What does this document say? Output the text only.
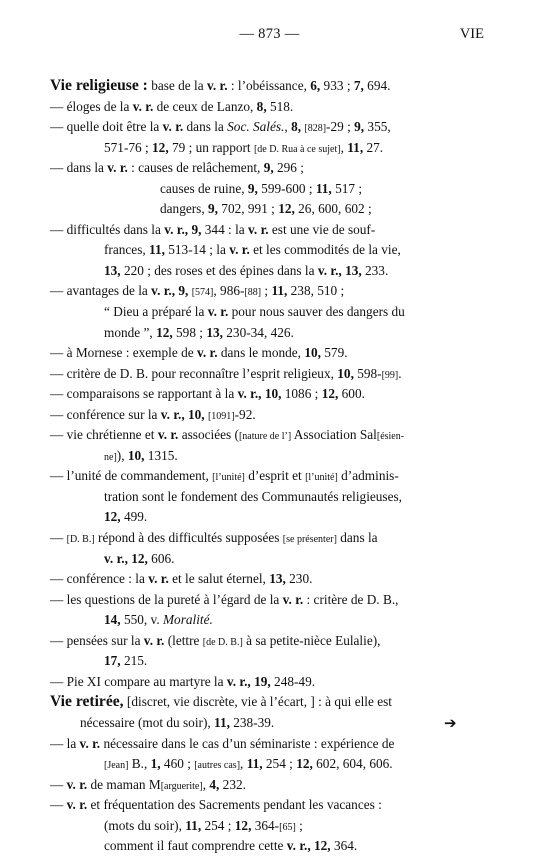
— 873 —	VIE
Vie religieuse : base de la v. r. : l’obéissance, 6, 933 ; 7, 694.
— éloges de la v. r. de ceux de Lanzo, 8, 518.
— quelle doit être la v. r. dans la Soc. Salés., 8, [828]-29 ; 9, 355,
571-76 ; 12, 79 ; un rapport [de D. Rua à ce sujet], 11, 27.
— dans la v. r. : causes de relâchement, 9, 296 ;
causes de ruine, 9, 599-600 ; 11, 517 ;
dangers, 9, 702, 991 ; 12, 26, 600, 602 ;
— difficultés dans la v. r., 9, 344 : la v. r. est une vie de souf-
frances, 11, 513-14 ; la v. r. et les commodités de la vie,
13, 220 ; des roses et des épines dans la v. r., 13, 233.
— avantages de la v. r., 9, [574], 986-[88] ; 11, 238, 510 ;
“ Dieu a préparé la v. r. pour nous sauver des dangers du
monde ”, 12, 598 ; 13, 230-34, 426.
— à Mornese : exemple de v. r. dans le monde, 10, 579.
— critère de D. B. pour reconnaître l’esprit religieux, 10, 598-[99].
— comparaisons se rapportant à la v. r., 10, 1086 ; 12, 600.
— conférence sur la v. r., 10, [1091]-92.
— vie chrétienne et v. r. associées ([nature de l’] Association Sal[ésien-
ne]), 10, 1315.
— l’unité de commandement, [l’unité] d’esprit et [l’unité] d’adminis-
tration sont le fondement des Communautés religieuses,
12, 499.
— [D. B.] répond à des difficultés supposées [se présenter] dans la
v. r., 12, 606.
— conférence : la v. r. et le salut éternel, 13, 230.
— les questions de la pureté à l’égard de la v. r. : critère de D. B.,
14, 550, v. Moralité.
— pensées sur la v. r. (lettre [de D. B.] à sa petite-nièce Eulalie),
17, 215.
— Pie XI compare au martyre la v. r., 19, 248-49.
Vie retirée, [discret, vie discrète, vie à l’écart, ] : à qui elle est
nécessaire (mot du soir), 11, 238-39.
— la v. r. nécessaire dans le cas d’un séminariste : expérience de
[Jean] B., 1, 460 ; [autres cas], 11, 254 ; 12, 602, 604, 606.
— v. r. de maman M[arguerite], 4, 232.
— v. r. et fréquentation des Sacrements pendant les vacances :
(mots du soir), 11, 254 ; 12, 364-[65] ;
comment il faut comprendre cette v. r., 12, 364.
➔
